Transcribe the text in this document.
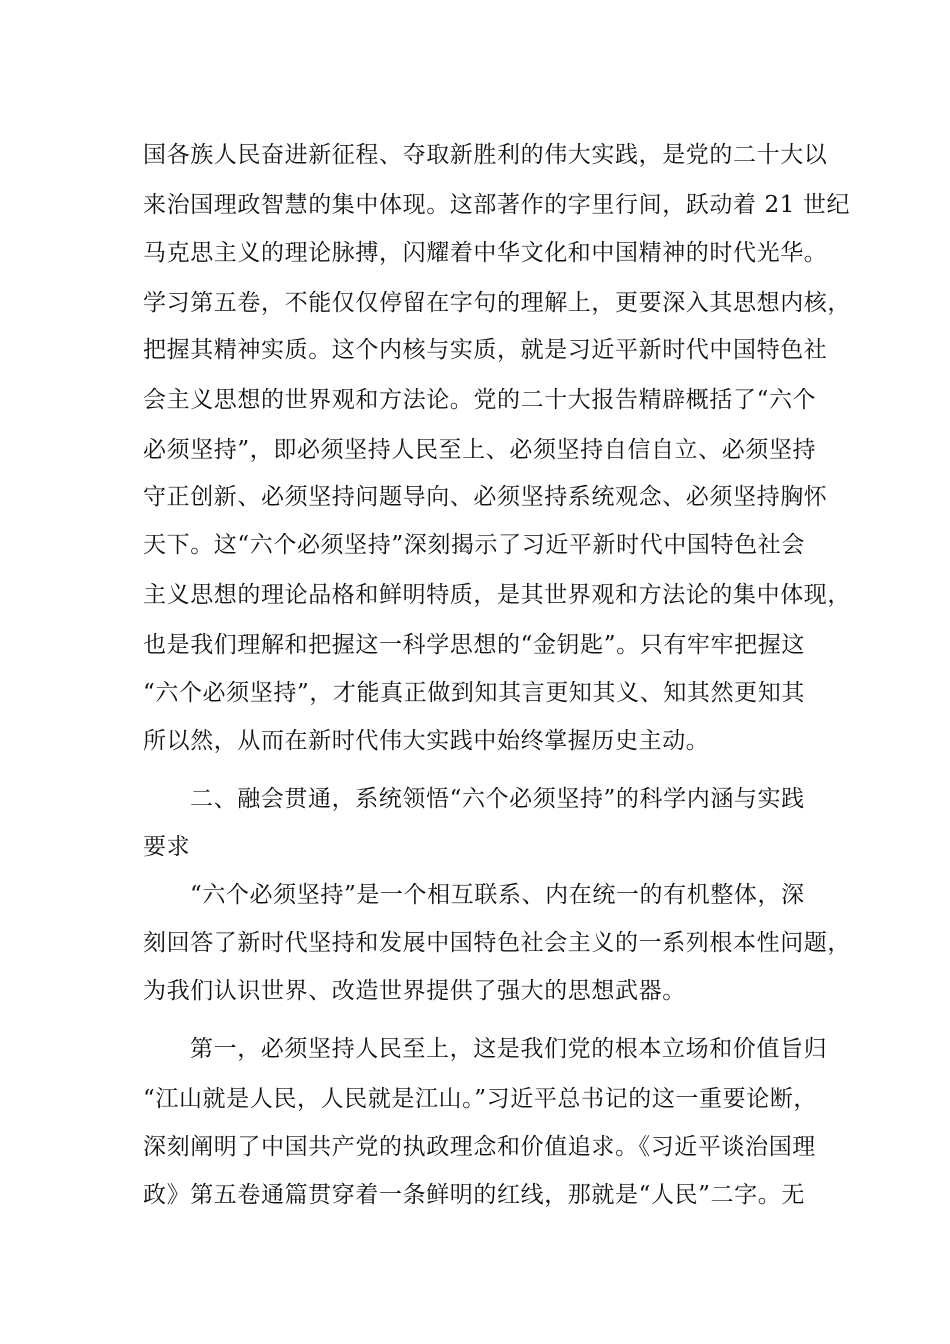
国各族人民奋进新征程、夺取新胜利的伟大实践，是党的二十大以
来治国理政智慧的集中体现。这部著作的字里行间，跃动着 21 世纪
马克思主义的理论脉搏，闪耀着中华文化和中国精神的时代光华。
学习第五卷，不能仅仅停留在字句的理解上，更要深入其思想内核，
把握其精神实质。这个内核与实质，就是习近平新时代中国特色社
会主义思想的世界观和方法论。党的二十大报告精辟概括了“六个
必须坚持”，即必须坚持人民至上、必须坚持自信自立、必须坚持
守正创新、必须坚持问题导向、必须坚持系统观念、必须坚持胸怀
天下。这“六个必须坚持”深刻揭示了习近平新时代中国特色社会
主义思想的理论品格和鲜明特质，是其世界观和方法论的集中体现，
也是我们理解和把握这一科学思想的“金钥匙”。只有牢牢把握这
“六个必须坚持”，才能真正做到知其言更知其义、知其然更知其
所以然，从而在新时代伟大实践中始终掌握历史主动。
二、融会贯通，系统领悟“六个必须坚持”的科学内涵与实践
要求
“六个必须坚持”是一个相互联系、内在统一的有机整体，深
刻回答了新时代坚持和发展中国特色社会主义的一系列根本性问题，
为我们认识世界、改造世界提供了强大的思想武器。
第一，必须坚持人民至上，这是我们党的根本立场和价值旨归
“江山就是人民，人民就是江山。”习近平总书记的这一重要论断，
深刻阐明了中国共产党的执政理念和价值追求。《习近平谈治国理
政》第五卷通篇贯穿着一条鲜明的红线，那就是“人民”二字。无
